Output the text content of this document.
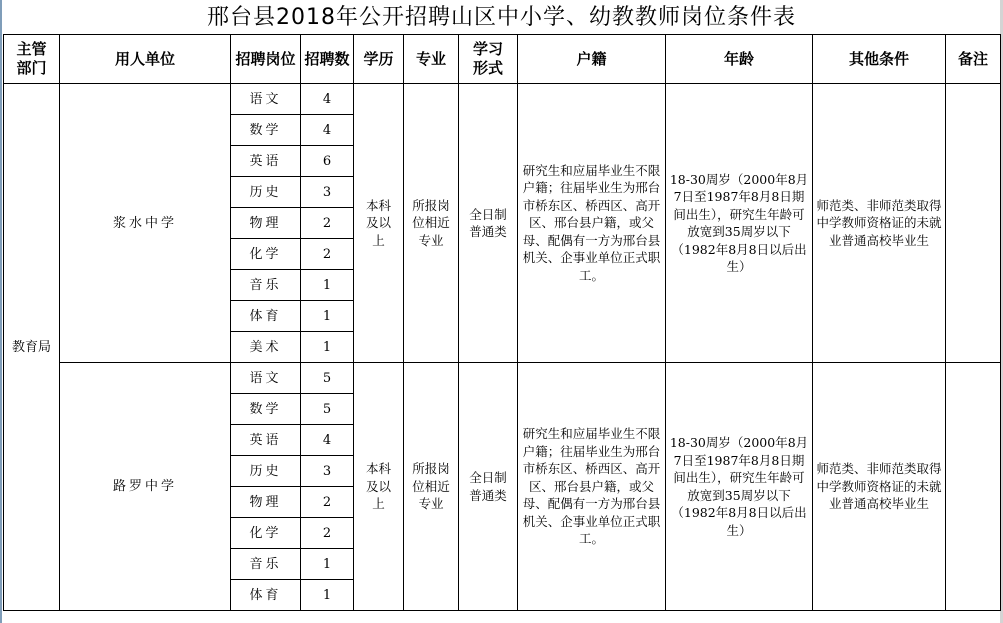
邢台县2018年公开招聘山区中小学、幼教教师岗位条件表
主管部门	用人单位	招聘岗位	招聘数	学历	专业	学习形式	户籍	年龄	其他条件	备注
教育局	浆水中学	语文	4	本科及以上	所报岗位相近专业	全日制普通类	研究生和应届毕业生不限户籍；往届毕业生为邢台市桥东区、桥西区、高开区、邢台县户籍，或父母、配偶有一方为邢台县机关、企事业单位正式职工。	18-30周岁（2000年8月7日至1987年8月8日期间出生），研究生年龄可放宽到35周岁以下（1982年8月8日以后出生）	师范类、非师范类取得中学教师资格证的未就业普通高校毕业生	
		数学	4							
		英语	6							
		历史	3							
		物理	2							
		化学	2							
		音乐	1							
		体育	1							
		美术	1							
	路罗中学	语文	5	本科及以上	所报岗位相近专业	全日制普通类	研究生和应届毕业生不限户籍；往届毕业生为邢台市桥东区、桥西区、高开区、邢台县户籍，或父母、配偶有一方为邢台县机关、企事业单位正式职工。	18-30周岁（2000年8月7日至1987年8月8日期间出生），研究生年龄可放宽到35周岁以下（1982年8月8日以后出生）	师范类、非师范类取得中学教师资格证的未就业普通高校毕业生	
		数学	5							
		英语	4							
		历史	3							
		物理	2							
		化学	2							
		音乐	1							
		体育	1							
